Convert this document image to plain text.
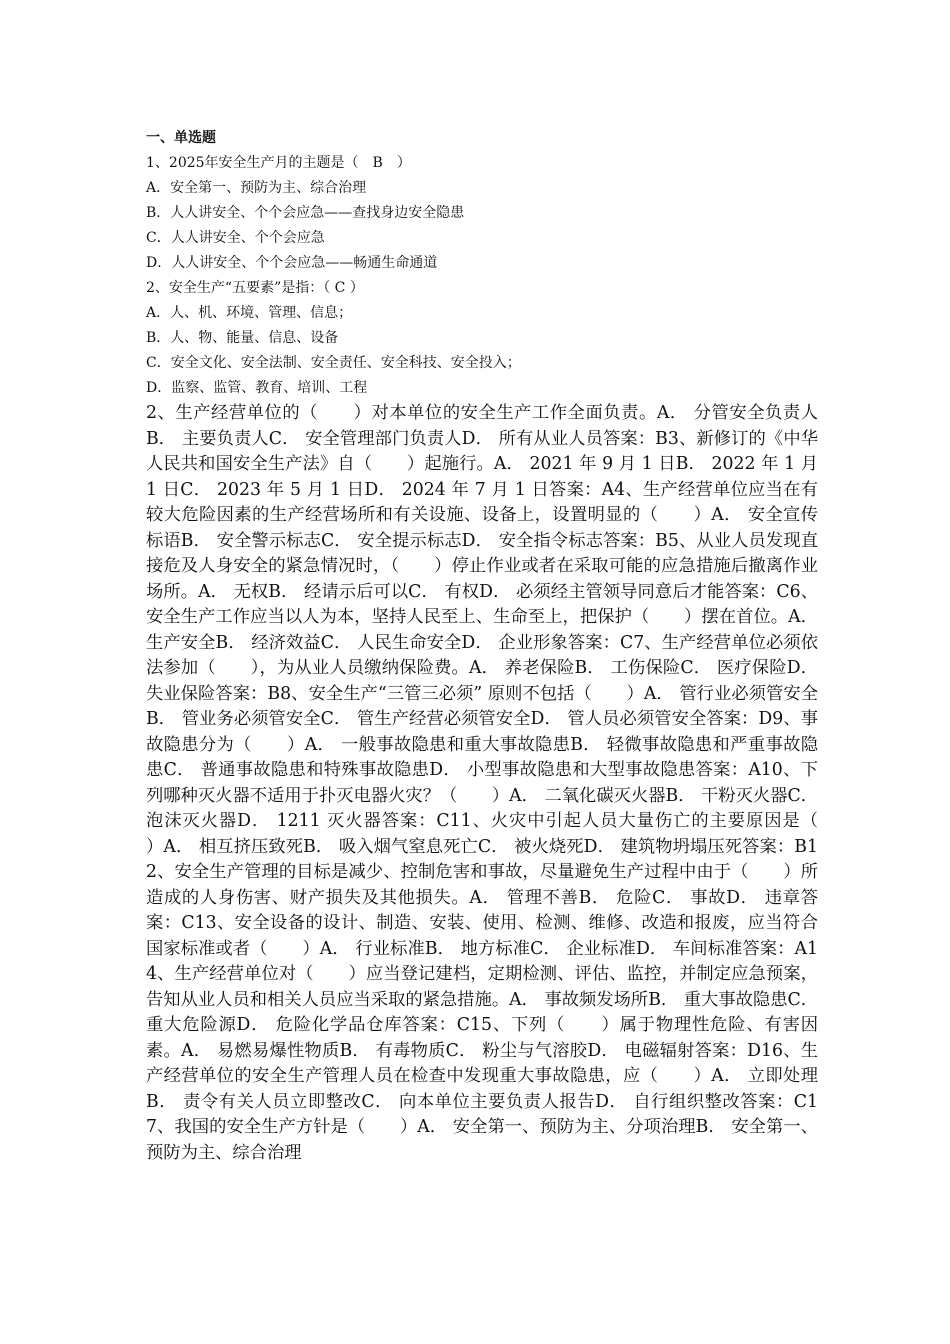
一、单选题
1、2025年安全生产月的主题是（　B　）
A．安全第一、预防为主、综合治理
B．人人讲安全、个个会应急——查找身边安全隐患
C．人人讲安全、个个会应急
D．人人讲安全、个个会应急——畅通生命通道
2、安全生产“五要素”是指：（ C ）
A．人、机、环境、管理、信息；
B．人、物、能量、信息、设备
C．安全文化、安全法制、安全责任、安全科技、安全投入；
D．监察、监管、教育、培训、工程

2、生产经营单位的（　　）对本单位的安全生产工作全面负责。A． 分管安全负责人B． 主要负责人C． 安全管理部门负责人D． 所有从业人员答案：B3、新修订的《中华人民共和国安全生产法》自（　　）起施行。A． 2021 年 9 月 1 日B． 2022 年 1 月 1 日C． 2023 年 5 月 1 日D． 2024 年 7 月 1 日答案：A4、生产经营单位应当在有较大危险因素的生产经营场所和有关设施、设备上，设置明显的（　　）A． 安全宣传标语B． 安全警示标志C． 安全提示标志D． 安全指令标志答案：B5、从业人员发现直接危及人身安全的紧急情况时，（　　）停止作业或者在采取可能的应急措施后撤离作业场所。A． 无权B． 经请示后可以C． 有权D． 必须经主管领导同意后才能答案：C6、安全生产工作应当以人为本，坚持人民至上、生命至上，把保护（　　）摆在首位。A． 生产安全B． 经济效益C． 人民生命安全D． 企业形象答案：C7、生产经营单位必须依法参加（　　），为从业人员缴纳保险费。A． 养老保险B． 工伤保险C． 医疗保险D． 失业保险答案：B8、安全生产“三管三必须” 原则不包括（　　）A． 管行业必须管安全B． 管业务必须管安全C． 管生产经营必须管安全D． 管人员必须管安全答案：D9、事故隐患分为（　　）A． 一般事故隐患和重大事故隐患B． 轻微事故隐患和严重事故隐患C． 普通事故隐患和特殊事故隐患D． 小型事故隐患和大型事故隐患答案：A10、下列哪种灭火器不适用于扑灭电器火灾？（　　）A． 二氧化碳灭火器B． 干粉灭火器C． 泡沫灭火器D． 1211 灭火器答案：C11、火灾中引起人员大量伤亡的主要原因是（　　）A． 相互挤压致死B． 吸入烟气窒息死亡C． 被火烧死D． 建筑物坍塌压死答案：B12、安全生产管理的目标是减少、控制危害和事故，尽量避免生产过程中由于（　　）所造成的人身伤害、财产损失及其他损失。A． 管理不善B． 危险C． 事故D． 违章答案：C13、安全设备的设计、制造、安装、使用、检测、维修、改造和报废，应当符合国家标准或者（　　）A． 行业标准B． 地方标准C． 企业标准D． 车间标准答案：A14、生产经营单位对（　　）应当登记建档，定期检测、评估、监控，并制定应急预案，告知从业人员和相关人员应当采取的紧急措施。A． 事故频发场所B． 重大事故隐患C． 重大危险源D． 危险化学品仓库答案：C15、下列（　　）属于物理性危险、有害因素。A． 易燃易爆性物质B． 有毒物质C． 粉尘与气溶胶D． 电磁辐射答案：D16、生产经营单位的安全生产管理人员在检查中发现重大事故隐患，应（　　）A． 立即处理B． 责令有关人员立即整改C． 向本单位主要负责人报告D． 自行组织整改答案：C17、我国的安全生产方针是（　　）A． 安全第一、预防为主、分项治理B． 安全第一、预防为主、综合治理
